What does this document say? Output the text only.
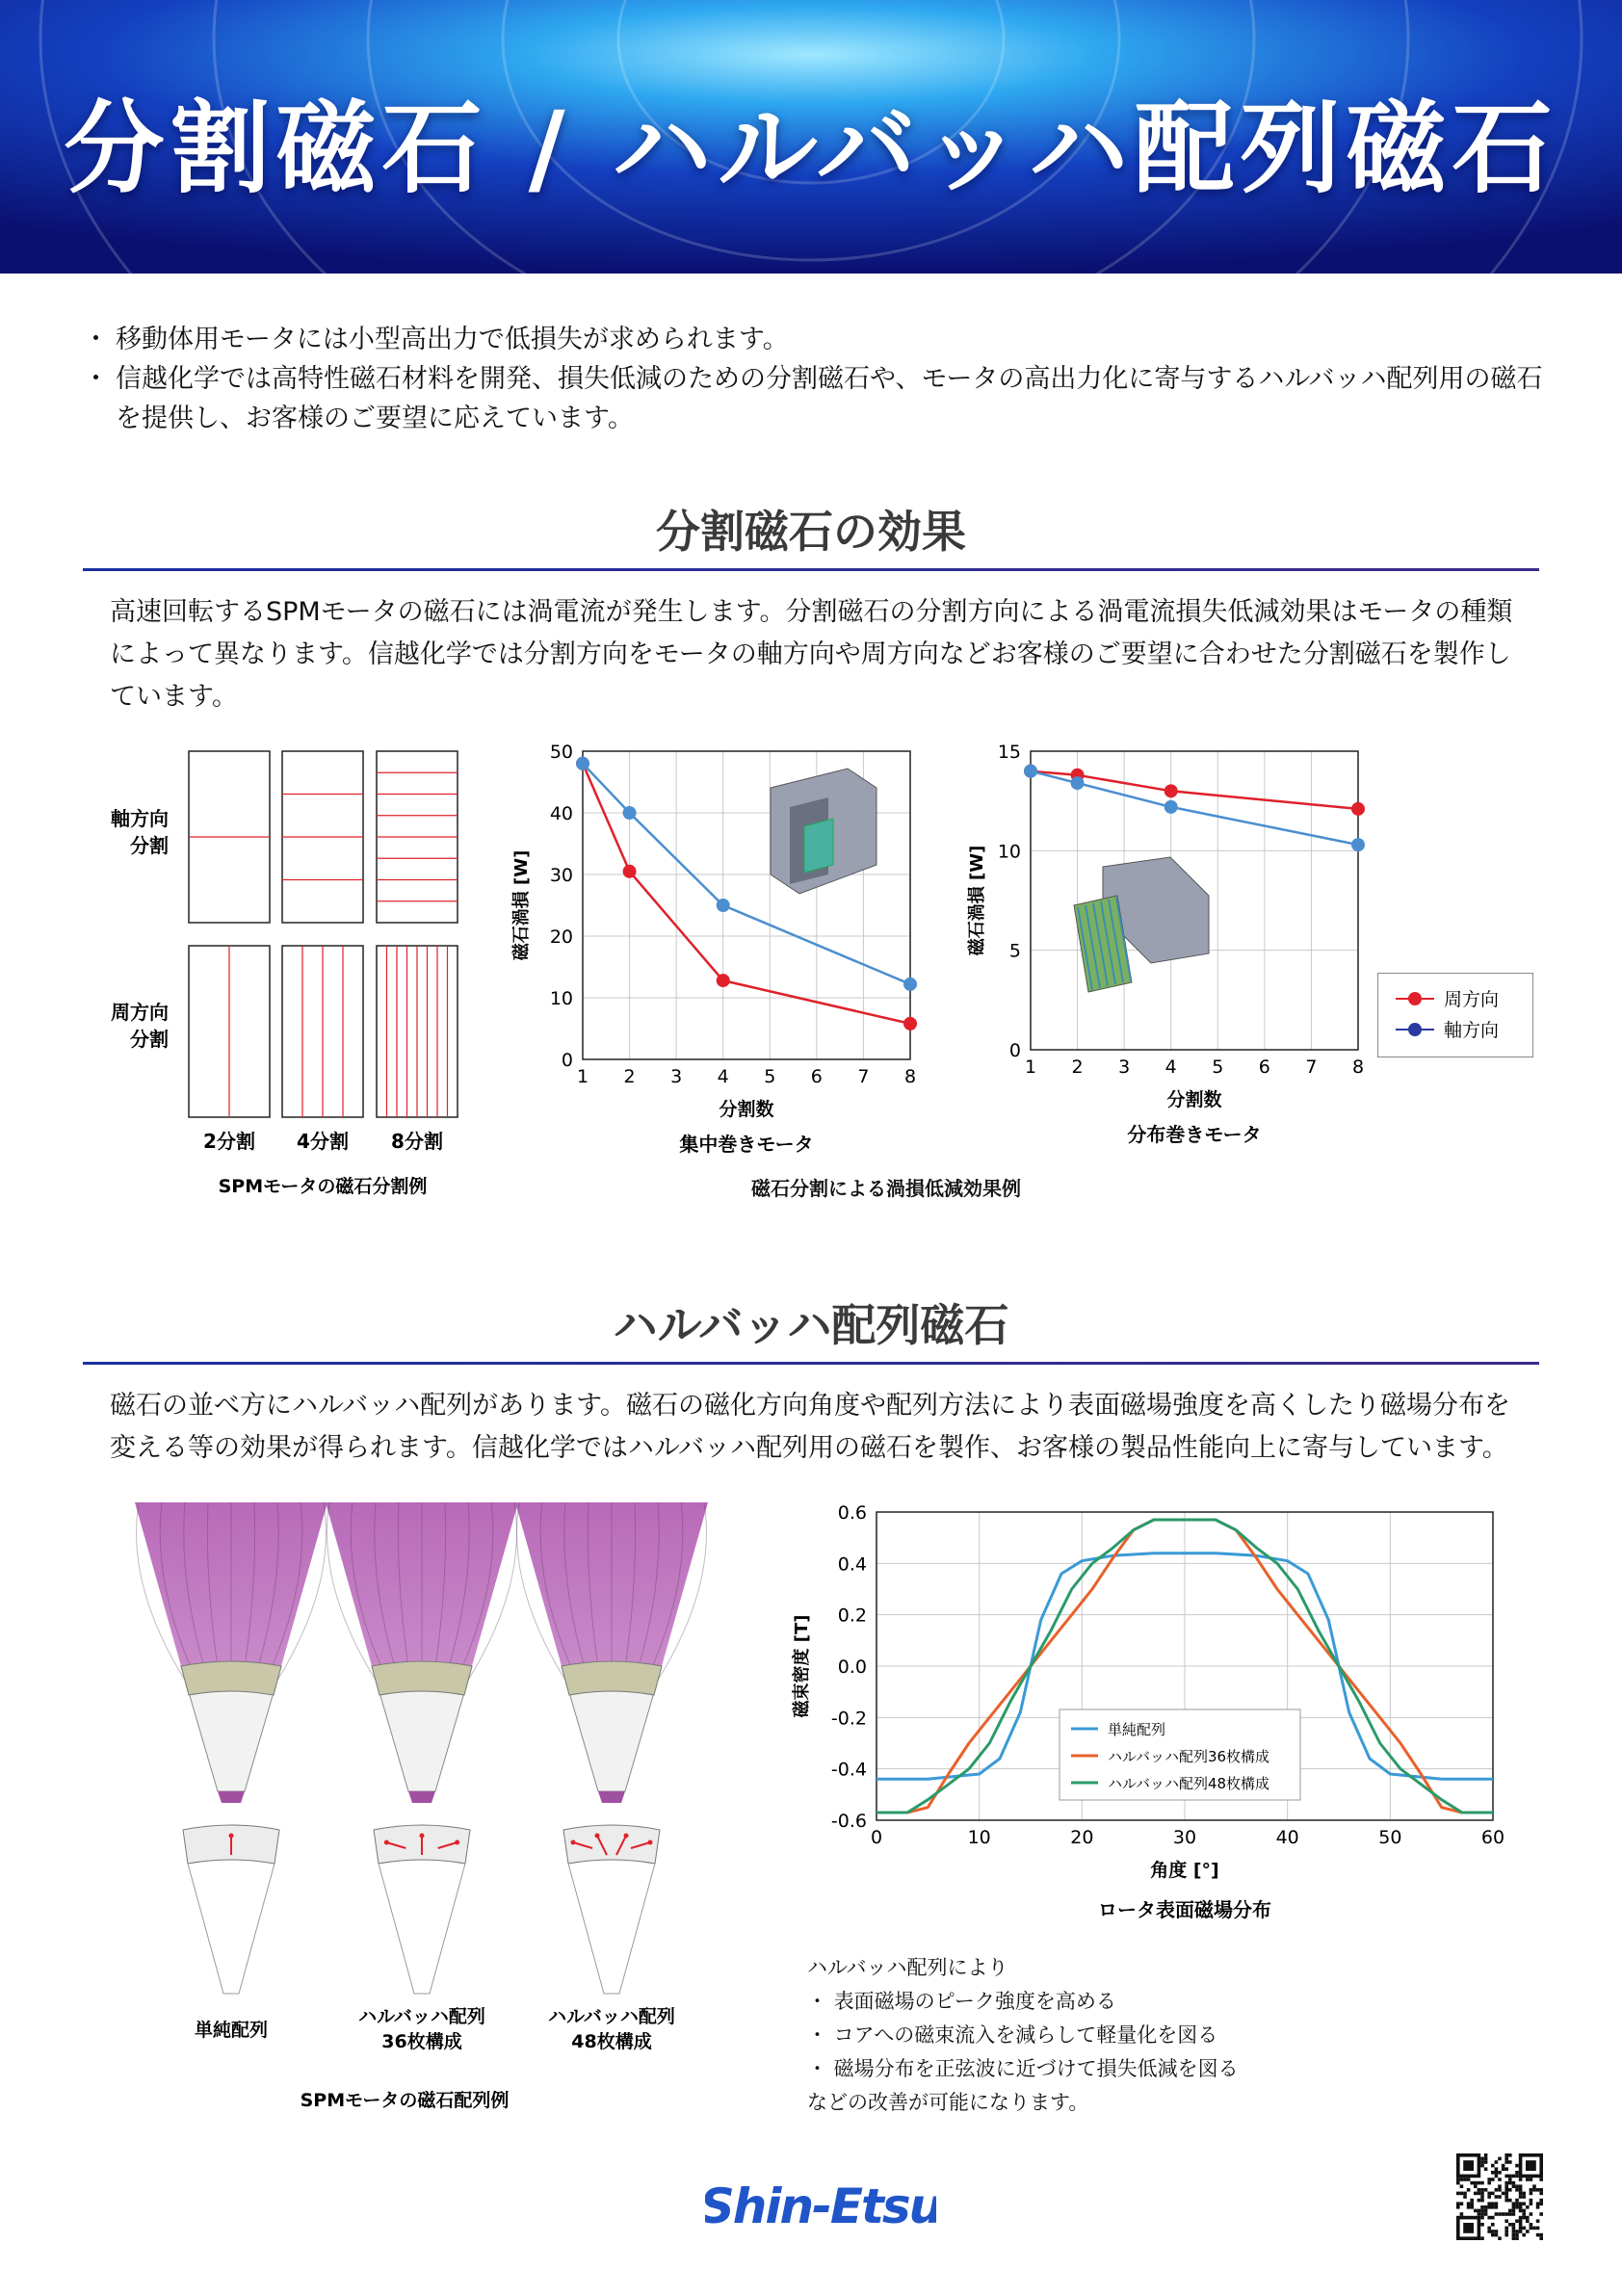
分割磁石 / ハルバッハ配列磁石
・ 移動体用モータには小型高出力で低損失が求められます。
・ 信越化学では高特性磁石材料を開発、損失低減のための分割磁石や、モータの高出力化に寄与するハルバッハ配列用の磁石を提供し、お客様のご要望に応えています。
分割磁石の効果
高速回転するSPMモータの磁石には渦電流が発生します。分割磁石の分割方向による渦電流損失低減効果はモータの種類によって異なります。信越化学では分割方向をモータの軸方向や周方向などお客様のご要望に合わせた分割磁石を製作しています。
軸方向
分割
周方向
分割
2分割 4分割 8分割
SPMモータの磁石分割例
1 2 3 4 5 6 7 8
0
10
20
30
40
50
分割数
磁石渦損 [W]
集中巻きモータ
1 2 3 4 5 6 7 8
0
5
10
15
分割数
磁石渦損 [W]
分布巻きモータ
周方向
軸方向
磁石分割による渦損低減効果例
ハルバッハ配列磁石
磁石の並べ方にハルバッハ配列があります。磁石の磁化方向角度や配列方法により表面磁場強度を高くしたり磁場分布を変える等の効果が得られます。信越化学ではハルバッハ配列用の磁石を製作、お客様の製品性能向上に寄与しています。
単純配列
ハルバッハ配列
36枚構成
ハルバッハ配列
48枚構成
SPMモータの磁石配列例
0	10	20	30	40	50	60
-0.6
-0.4
-0.2
0.0
0.2
0.4
0.6
角度 [°]
磁束密度 [T]
ロータ表面磁場分布
単純配列
ハルバッハ配列36枚構成
ハルバッハ配列48枚構成
ハルバッハ配列により
・ 表面磁場のピーク強度を高める
・ コアへの磁束流入を減らして軽量化を図る
・ 磁場分布を正弦波に近づけて損失低減を図る
などの改善が可能になります。
Shin-Etsu
